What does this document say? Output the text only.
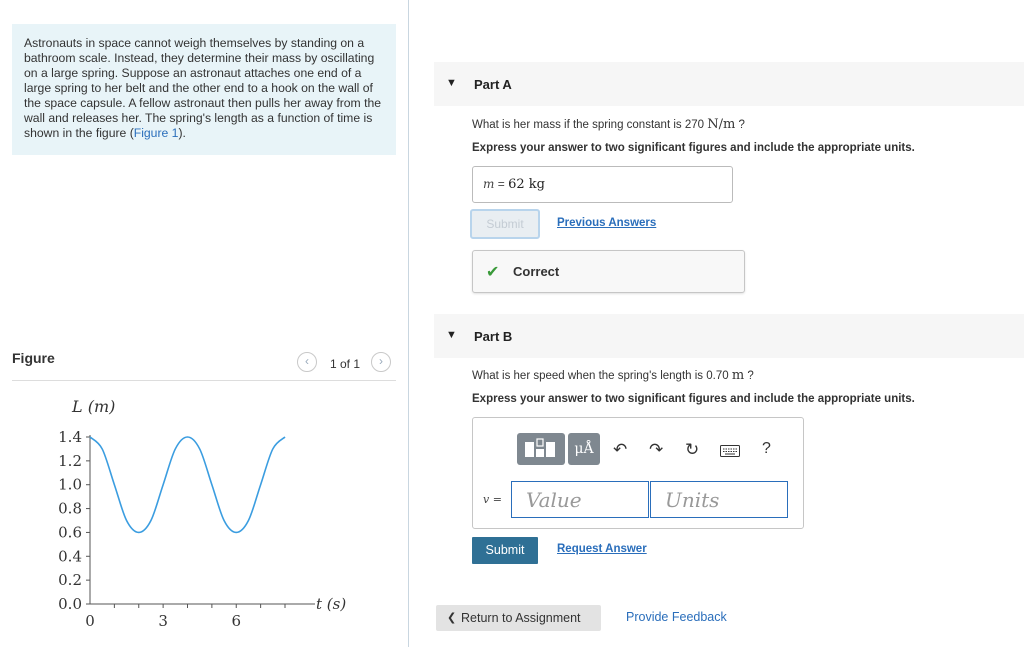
Astronauts in space cannot weigh themselves by standing on a bathroom scale. Instead, they determine their mass by oscillating on a large spring. Suppose an astronaut attaches one end of a large spring to her belt and the other end to a hook on the wall of the space capsule. A fellow astronaut then pulls her away from the wall and releases her. The spring's length as a function of time is shown in the figure (Figure 1).
Figure	‹	1 of 1	›
0.0
0.2
0.4
0.6
0.8
1.0
1.2
1.4
0	3	6
L (m)
t (s)
▼ Part A
What is her mass if the spring constant is 270 N/m ?
Express your answer to two significant figures and include the appropriate units.
m = 62 kg
Submit	Previous Answers
✔ Correct
▼ Part B
What is her speed when the spring's length is 0.70 m ?
Express your answer to two significant figures and include the appropriate units.
μÅ	↶ ↷ ↻	?
v =	Value	Units
Submit	Request Answer
❮ Return to Assignment	Provide Feedback
